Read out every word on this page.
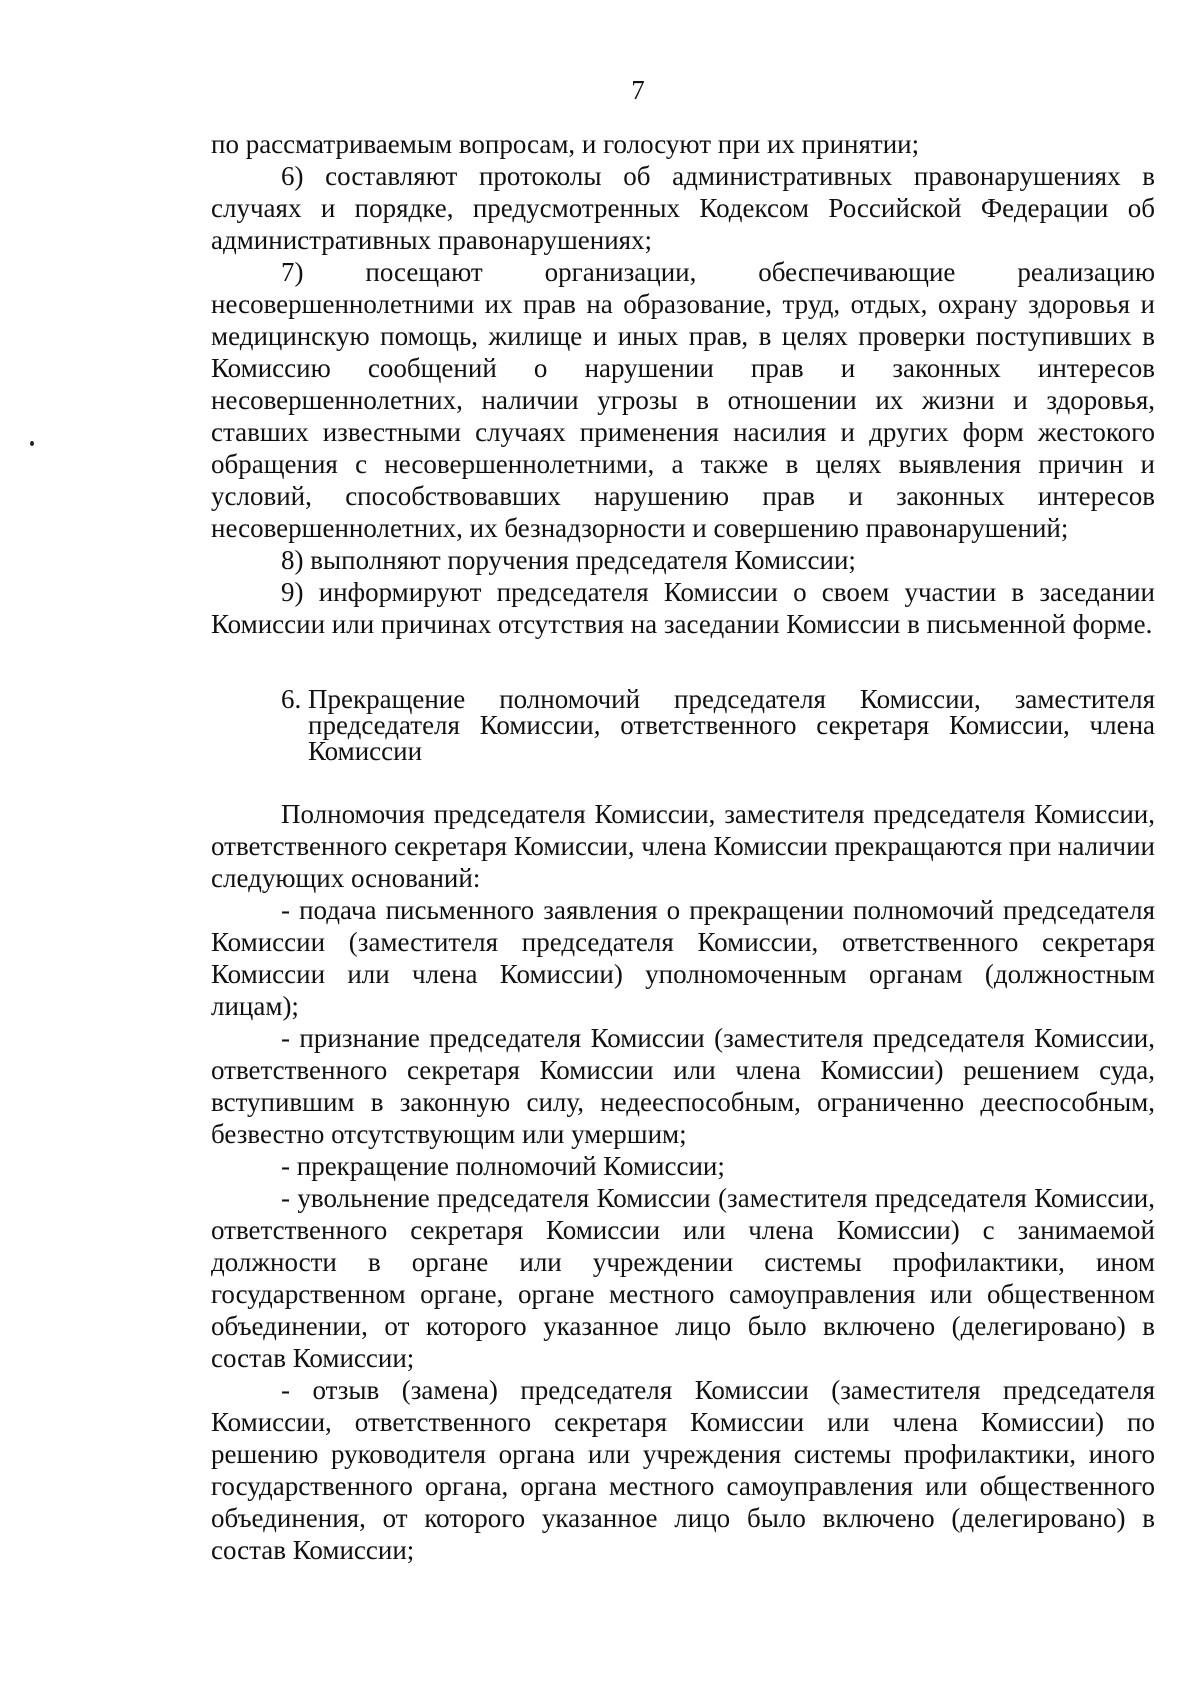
7

по рассматриваемым вопросам, и голосуют при их принятии;

6) составляют протоколы об административных правонарушениях в случаях и порядке, предусмотренных Кодексом Российской Федерации об административных правонарушениях;

7) посещают организации, обеспечивающие реализацию несовершеннолетними их прав на образование, труд, отдых, охрану здоровья и медицинскую помощь, жилище и иных прав, в целях проверки поступивших в Комиссию сообщений о нарушении прав и законных интересов несовершеннолетних, наличии угрозы в отношении их жизни и здоровья, ставших известными случаях применения насилия и других форм жестокого обращения с несовершеннолетними, а также в целях выявления причин и условий, способствовавших нарушению прав и законных интересов несовершеннолетних, их безнадзорности и совершению правонарушений;

8) выполняют поручения председателя Комиссии;

9) информируют председателя Комиссии о своем участии в заседании Комиссии или причинах отсутствия на заседании Комиссии в письменной форме.

6.
Прекращение полномочий председателя Комиссии, заместителя председателя Комиссии, ответственного секретаря Комиссии, члена Комиссии

Полномочия председателя Комиссии, заместителя председателя Комиссии, ответственного секретаря Комиссии, члена Комиссии прекращаются при наличии следующих оснований:

- подача письменного заявления о прекращении полномочий председателя Комиссии (заместителя председателя Комиссии, ответственного секретаря Комиссии или члена Комиссии) уполномоченным органам (должностным лицам);

- признание председателя Комиссии (заместителя председателя Комиссии, ответственного секретаря Комиссии или члена Комиссии) решением суда, вступившим в законную силу, недееспособным, ограниченно дееспособным, безвестно отсутствующим или умершим;

- прекращение полномочий Комиссии;

- увольнение председателя Комиссии (заместителя председателя Комиссии, ответственного секретаря Комиссии или члена Комиссии) с занимаемой должности в органе или учреждении системы профилактики, ином государственном органе, органе местного самоуправления или общественном объединении, от которого указанное лицо было включено (делегировано) в состав Комиссии;

- отзыв (замена) председателя Комиссии (заместителя председателя Комиссии, ответственного секретаря Комиссии или члена Комиссии) по решению руководителя органа или учреждения системы профилактики, иного государственного органа, органа местного самоуправления или общественного объединения, от которого указанное лицо было включено (делегировано) в состав Комиссии;
